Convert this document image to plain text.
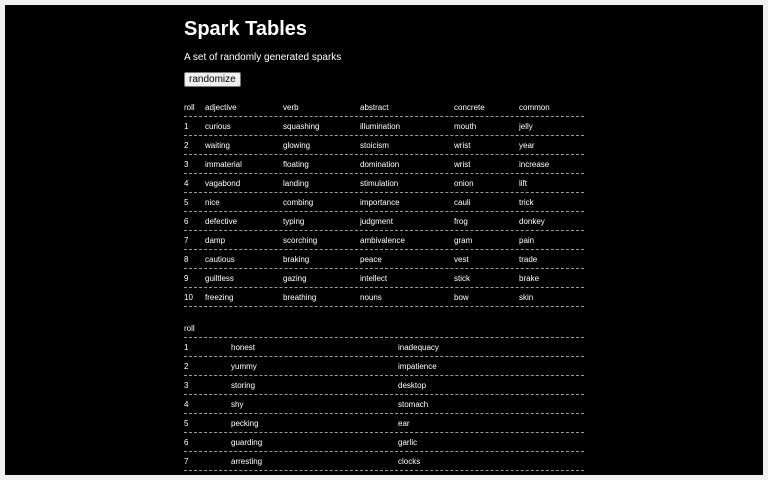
Spark Tables
A set of randomly generated sparks
randomize
roll adjective	verb	abstract	concrete	common
1 curious	squashing	illumination	mouth	jelly
2 waiting	glowing	stoicism	wrist	year
3 immaterial	floating	domination	wrist	increase
4 vagabond	landing	stimulation	onion	lift
5 nice	combing	importance	cauli	trick
6 defective	typing	judgment	frog	donkey
7 damp	scorching	ambivalence	gram	pain
8 cautious	braking	peace	vest	trade
9 guiltless	gazing	intellect	stick	brake
10 freezing	breathing	nouns	bow	skin
roll
1	honest	inadequacy
2	yummy	impatience
3	storing	desktop
4	shy	stomach
5	pecking	ear
6	guarding	garlic
7	arresting	clocks
